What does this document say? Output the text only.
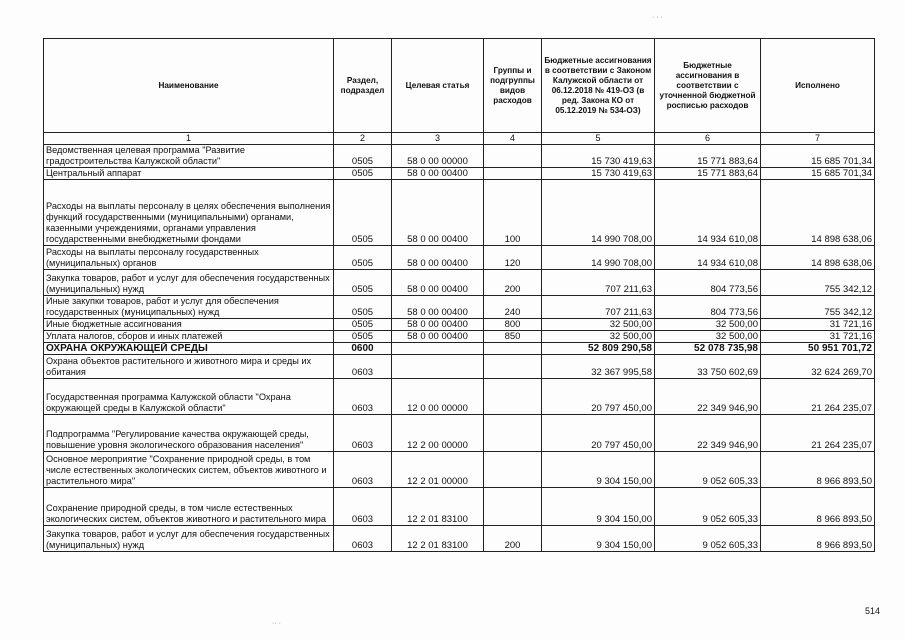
Наименование	Раздел, подраздел	Целевая статья	Группы и подгруппы видов расходов	Бюджетные ассигнования в соответствии с Законом Калужской области от 06.12.2018 № 419-ОЗ (в ред. Закона КО от 05.12.2019 № 534-ОЗ)	Бюджетные ассигнования в соответствии с уточненной бюджетной росписью расходов	Исполнено
1	2	3	4	5	6	7
Ведомственная целевая программа "Развитие градостроительства Калужской области"	0505	58 0 00 00000		15 730 419,63	15 771 883,64	15 685 701,34
Центральный аппарат	0505	58 0 00 00400		15 730 419,63	15 771 883,64	15 685 701,34
Расходы на выплаты персоналу в целях обеспечения выполнения функций государственными (муниципальными) органами, казенными учреждениями, органами управления государственными внебюджетными фондами	0505	58 0 00 00400	100	14 990 708,00	14 934 610,08	14 898 638,06
Расходы на выплаты персоналу государственных (муниципальных) органов	0505	58 0 00 00400	120	14 990 708,00	14 934 610,08	14 898 638,06
Закупка товаров, работ и услуг для обеспечения государственных (муниципальных) нужд	0505	58 0 00 00400	200	707 211,63	804 773,56	755 342,12
Иные закупки товаров, работ и услуг для обеспечения государственных (муниципальных) нужд	0505	58 0 00 00400	240	707 211,63	804 773,56	755 342,12
Иные бюджетные ассигнования	0505	58 0 00 00400	800	32 500,00	32 500,00	31 721,16
Уплата налогов, сборов и иных платежей	0505	58 0 00 00400	850	32 500,00	32 500,00	31 721,16
ОХРАНА ОКРУЖАЮЩЕЙ СРЕДЫ	0600			52 809 290,58	52 078 735,98	50 951 701,72
Охрана объектов растительного и животного мира и среды их обитания	0603			32 367 995,58	33 750 602,69	32 624 269,70
Государственная программа Калужской области "Охрана окружающей среды в Калужской области"	0603	12 0 00 00000		20 797 450,00	22 349 946,90	21 264 235,07
Подпрограмма "Регулирование качества окружающей среды, повышение уровня экологического образования населения"	0603	12 2 00 00000		20 797 450,00	22 349 946,90	21 264 235,07
Основное мероприятие "Сохранение природной среды, в том числе естественных экологических систем, объектов животного и растительного мира"	0603	12 2 01 00000		9 304 150,00	9 052 605,33	8 966 893,50
Сохранение природной среды, в том числе естественных экологических систем, объектов животного и растительного мира	0603	12 2 01 83100		9 304 150,00	9 052 605,33	8 966 893,50
Закупка товаров, работ и услуг для обеспечения государственных (муниципальных) нужд	0603	12 2 01 83100	200	9 304 150,00	9 052 605,33	8 966 893,50
514
· · ·
·· ·
